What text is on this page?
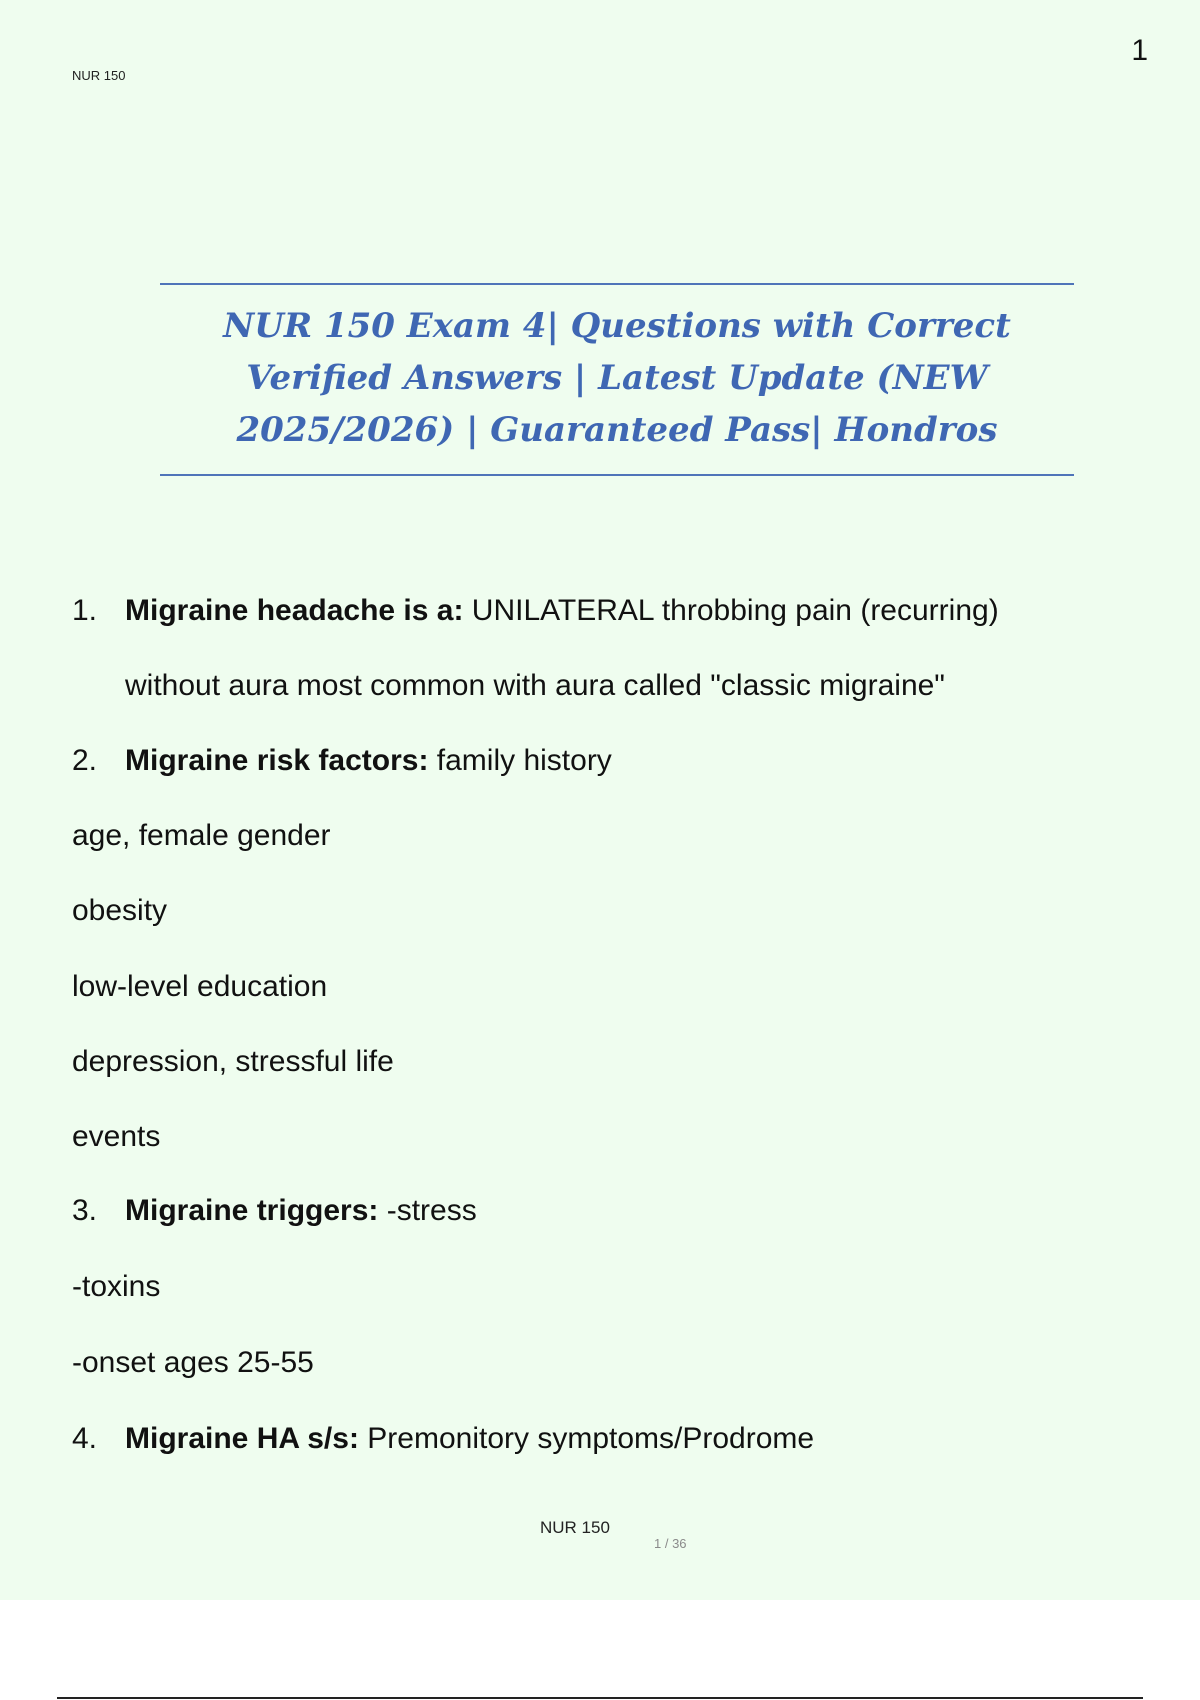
NUR 150
1
NUR 150 Exam 4| Questions with Correct Verified Answers | Latest Update (NEW 2025/2026) | Guaranteed Pass| Hondros
1. Migraine headache is a: UNILATERAL throbbing pain (recurring)
without aura most common with aura called "classic migraine"
2. Migraine risk factors: family history
age, female gender
obesity
low-level education
depression, stressful life
events
3. Migraine triggers: -stress
-toxins
-onset ages 25-55
4. Migraine HA s/s: Premonitory symptoms/Prodrome
NUR 150
1 / 36
